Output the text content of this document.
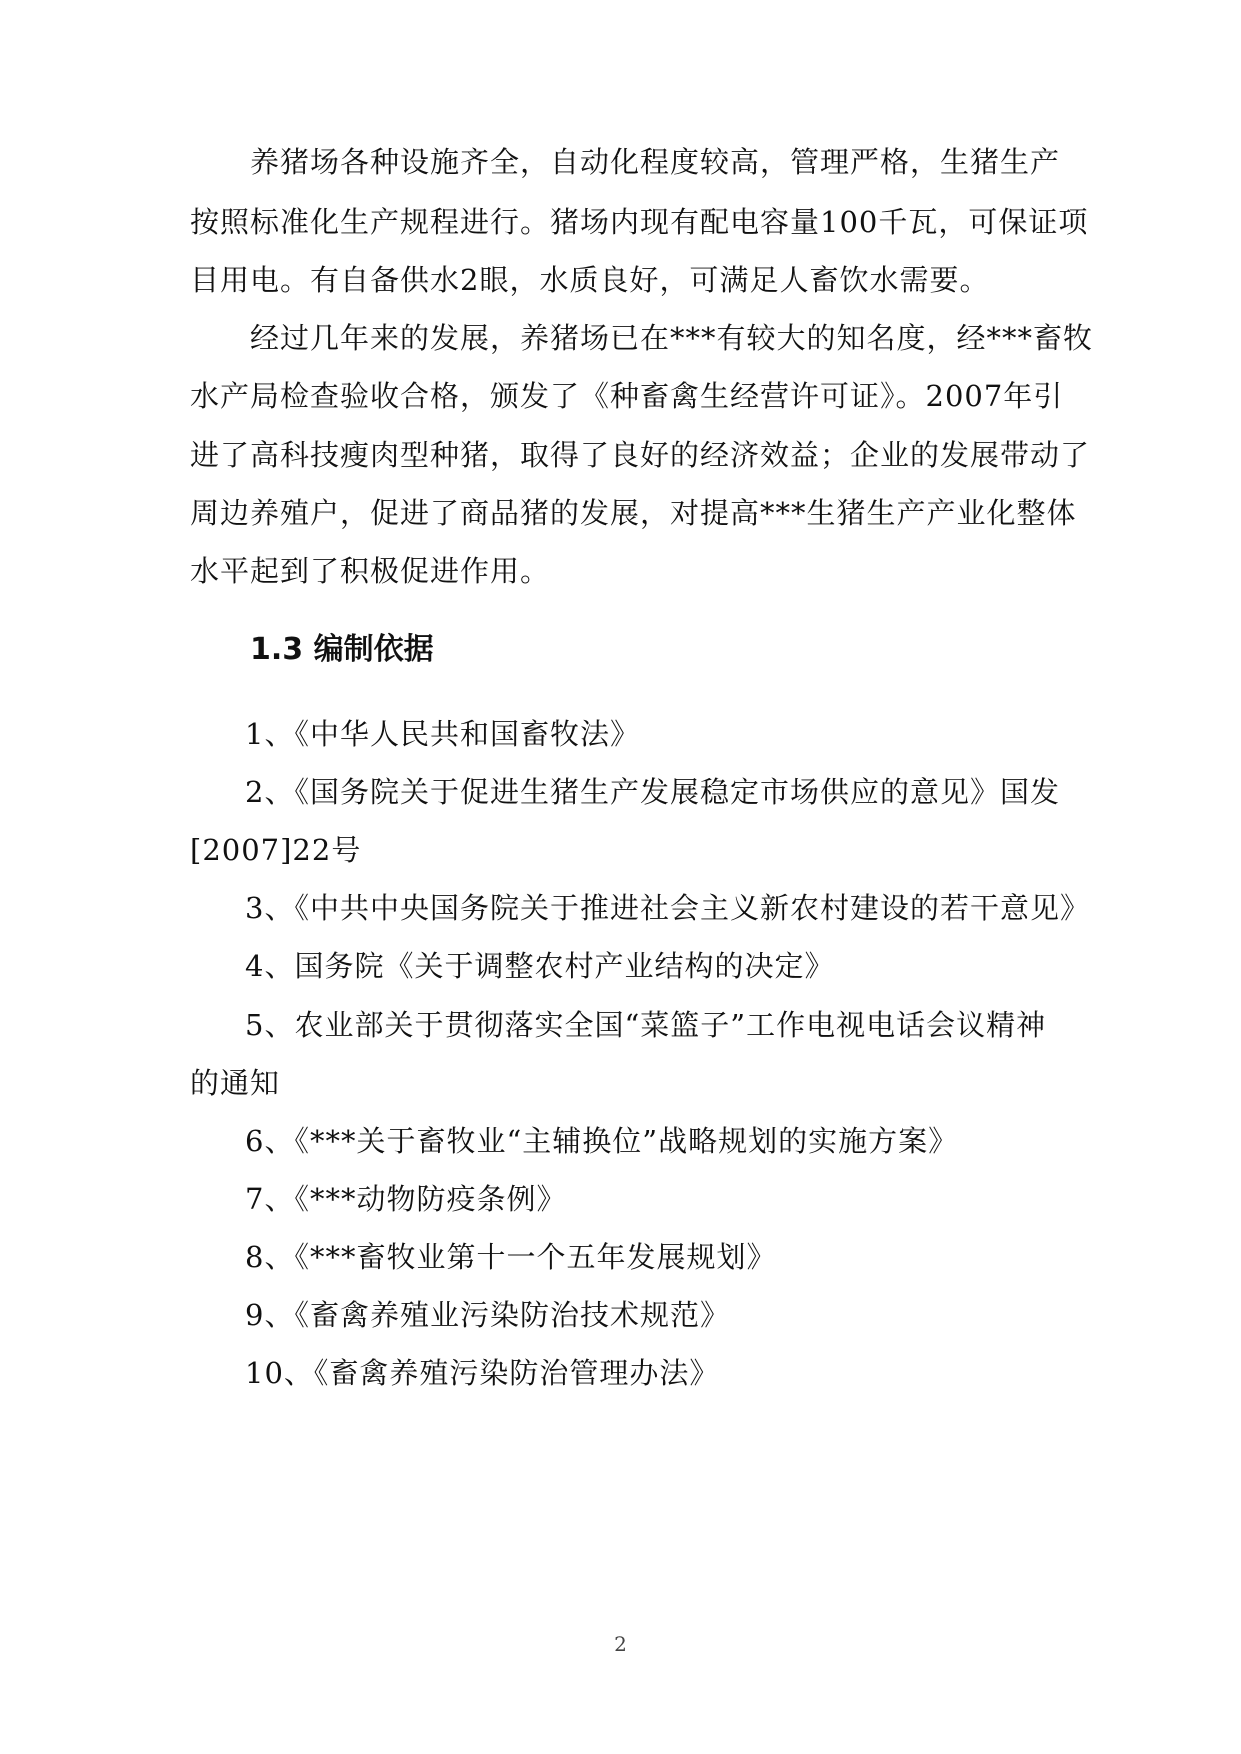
养猪场各种设施齐全，自动化程度较高，管理严格，生猪生产
按照标准化生产规程进行。猪场内现有配电容量100千瓦，可保证项
目用电。有自备供水2眼，水质良好，可满足人畜饮水需要。
经过几年来的发展，养猪场已在***有较大的知名度，经***畜牧
水产局检查验收合格，颁发了《种畜禽生经营许可证》。2007年引
进了高科技瘦肉型种猪，取得了良好的经济效益；企业的发展带动了
周边养殖户，促进了商品猪的发展，对提高***生猪生产产业化整体
水平起到了积极促进作用。
1.3 编制依据
1、《中华人民共和国畜牧法》
2、《国务院关于促进生猪生产发展稳定市场供应的意见》国发
[2007]22号
3、《中共中央国务院关于推进社会主义新农村建设的若干意见》
4、国务院《关于调整农村产业结构的决定》
5、农业部关于贯彻落实全国“菜篮子”工作电视电话会议精神
的通知
6、《***关于畜牧业“主辅换位”战略规划的实施方案》
7、《***动物防疫条例》
8、《***畜牧业第十一个五年发展规划》
9、《畜禽养殖业污染防治技术规范》
10、《畜禽养殖污染防治管理办法》
2
